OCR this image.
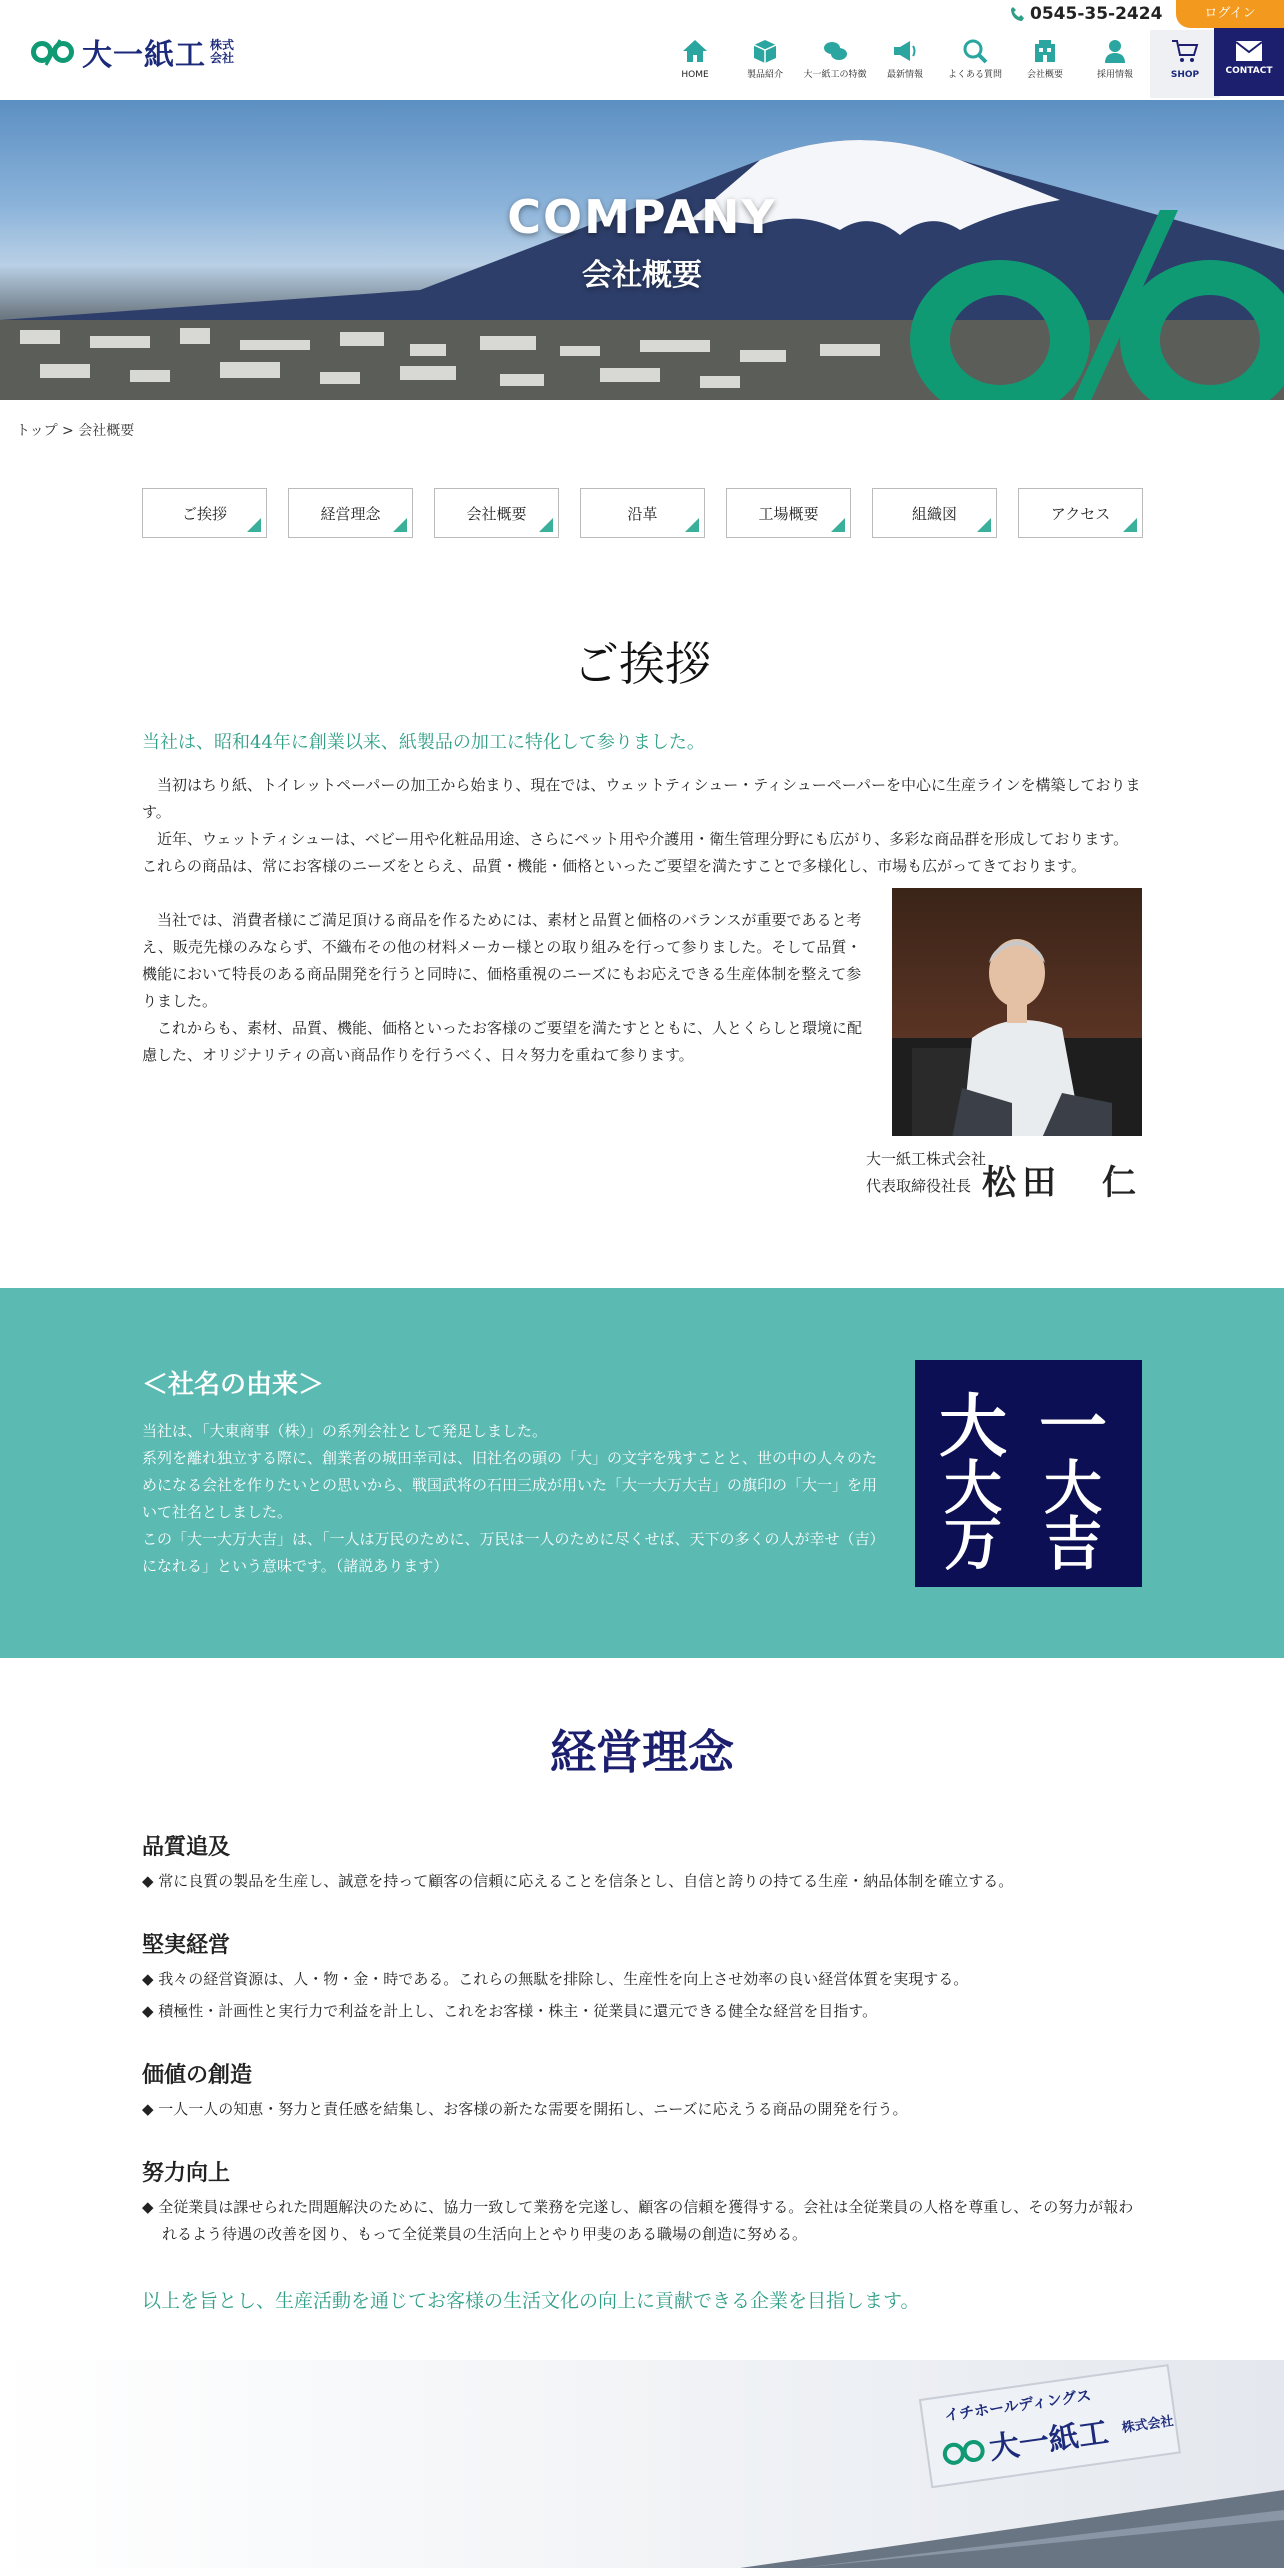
大一紙工 株式会社
0545-35-2424	ログイン
HOME	製品紹介 大一紙工の特徴 最新情報	よくある質問	会社概要	採用情報	SHOP	CONTACT
COMPANY
会社概要
トップ > 会社概要
ご挨拶	経営理念	会社概要	沿革	工場概要	組織図	アクセス
ご挨拶
当社は、昭和44年に創業以来、紙製品の加工に特化して参りました。
　当初はちり紙、トイレットペーパーの加工から始まり、現在では、ウェットティシュー・ティシューペーパーを中心に生産ラインを構築しております。
　近年、ウェットティシューは、ベビー用や化粧品用途、さらにペット用や介護用・衛生管理分野にも広がり、多彩な商品群を形成しております。これらの商品は、常にお客様のニーズをとらえ、品質・機能・価格といったご要望を満たすことで多様化し、市場も広がってきております。
　当社では、消費者様にご満足頂ける商品を作るためには、素材と品質と価格のバランスが重要であると考え、販売先様のみならず、不織布その他の材料メーカー様との取り組みを行って参りました。そして品質・機能において特長のある商品開発を行うと同時に、価格重視のニーズにもお応えできる生産体制を整えて参りました。
　これからも、素材、品質、機能、価格といったお客様のご要望を満たすとともに、人とくらしと環境に配慮した、オリジナリティの高い商品作りを行うべく、日々努力を重ねて参ります。
大一紙工株式会社
代表取締役社長 松田　仁
＜社名の由来＞
当社は、「大東商事（株）」の系列会社として発足しました。
系列を離れ独立する際に、創業者の城田幸司は、旧社名の頭の「大」の文字を残すことと、世の中の人々のためになる会社を作りたいとの思いから、戦国武将の石田三成が用いた「大一大万大吉」の旗印の「大一」を用いて社名としました。
この「大一大万大吉」は、「一人は万民のために、万民は一人のために尽くせば、天下の多くの人が幸せ（吉）になれる」という意味です。（諸説あります）
大 一
大 大
万 吉
経営理念
品質追及
◆ 常に良質の製品を生産し、誠意を持って顧客の信頼に応えることを信条とし、自信と誇りの持てる生産・納品体制を確立する。
堅実経営
◆ 我々の経営資源は、人・物・金・時である。これらの無駄を排除し、生産性を向上させ効率の良い経営体質を実現する。
◆ 積極性・計画性と実行力で利益を計上し、これをお客様・株主・従業員に還元できる健全な経営を目指す。
価値の創造
◆ 一人一人の知恵・努力と責任感を結集し、お客様の新たな需要を開拓し、ニーズに応えうる商品の開発を行う。
努力向上
◆ 全従業員は課せられた問題解決のために、協力一致して業務を完遂し、顧客の信頼を獲得する。会社は全従業員の人格を尊重し、その努力が報われるよう待遇の改善を図り、もって全従業員の生活向上とやり甲斐のある職場の創造に努める。
以上を旨とし、生産活動を通じてお客様の生活文化の向上に貢献できる企業を目指します。
イチホールディングス
大一紙工 株式会社
